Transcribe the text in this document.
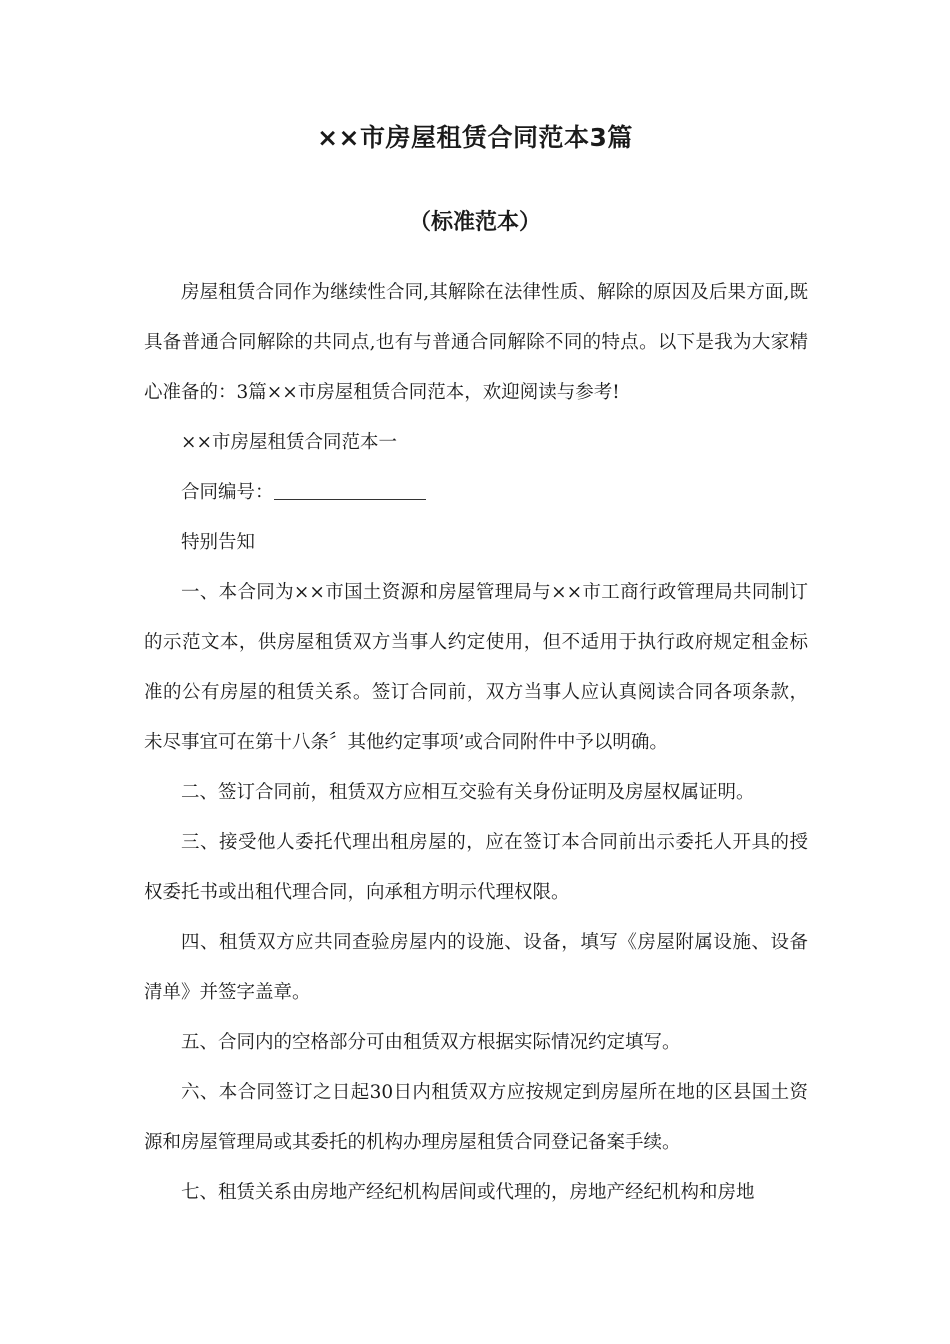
××市房屋租赁合同范本3篇
（标准范本）

房屋租赁合同作为继续性合同,其解除在法律性质、解除的原因及后果方面,既具备普通合同解除的共同点,也有与普通合同解除不同的特点。以下是我为大家精心准备的：3篇××市房屋租赁合同范本，欢迎阅读与参考!

××市房屋租赁合同范本一

合同编号：

特别告知

一、本合同为××市国土资源和房屋管理局与××市工商行政管理局共同制订的示范文本，供房屋租赁双方当事人约定使用，但不适用于执行政府规定租金标准的公有房屋的租赁关系。签订合同前，双方当事人应认真阅读合同各项条款，未尽事宜可在第十八条〞其他约定事项’或合同附件中予以明确。

二、签订合同前，租赁双方应相互交验有关身份证明及房屋权属证明。

三、接受他人委托代理出租房屋的，应在签订本合同前出示委托人开具的授权委托书或出租代理合同，向承租方明示代理权限。

四、租赁双方应共同查验房屋内的设施、设备，填写《房屋附属设施、设备清单》并签字盖章。

五、合同内的空格部分可由租赁双方根据实际情况约定填写。

六、本合同签订之日起30日内租赁双方应按规定到房屋所在地的区县国土资源和房屋管理局或其委托的机构办理房屋租赁合同登记备案手续。

七、租赁关系由房地产经纪机构居间或代理的，房地产经纪机构和房地
